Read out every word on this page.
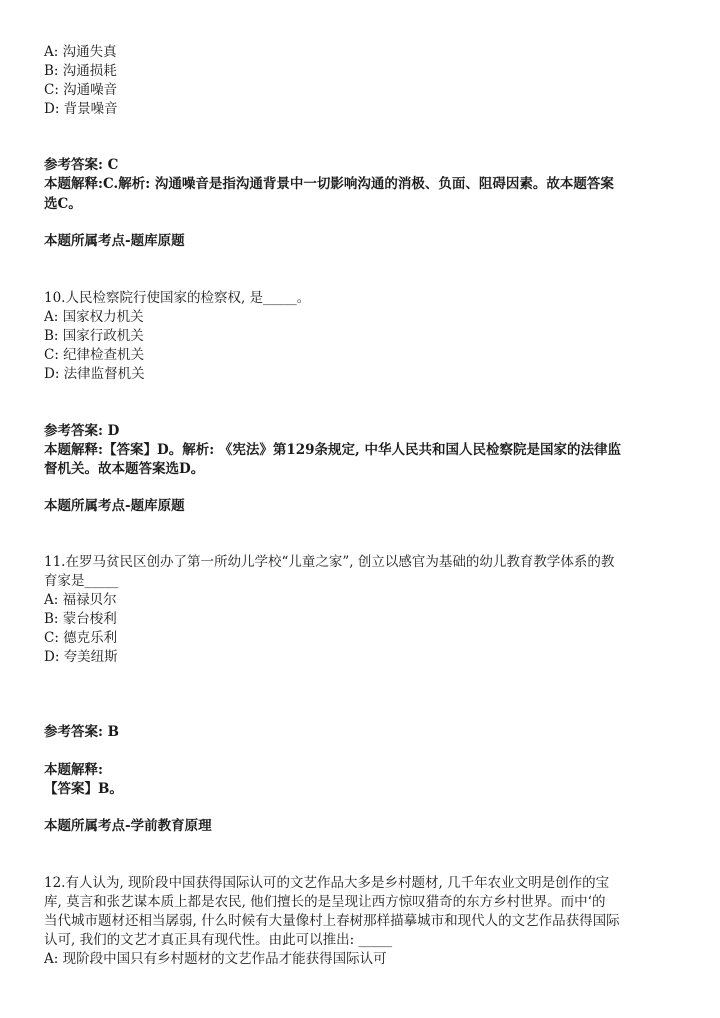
A: 沟通失真
B: 沟通损耗
C: 沟通噪音
D: 背景噪音
参考答案: C
本题解释:C.解析: 沟通噪音是指沟通背景中一切影响沟通的消极、负面、阻碍因素。故本题答案
选C。
本题所属考点-题库原题
10.人民检察院行使国家的检察权, 是_____。
A: 国家权力机关
B: 国家行政机关
C: 纪律检查机关
D: 法律监督机关
参考答案: D
本题解释:【答案】D。解析: 《宪法》第129条规定, 中华人民共和国人民检察院是国家的法律监
督机关。故本题答案选D。
本题所属考点-题库原题
11.在罗马贫民区创办了第一所幼儿学校“儿童之家”, 创立以感官为基础的幼儿教育教学体系的教
育家是_____
A: 福禄贝尔
B: 蒙台梭利
C: 德克乐利
D: 夸美纽斯
参考答案: B
本题解释:
【答案】B。
本题所属考点-学前教育原理
12.有人认为, 现阶段中国获得国际认可的文艺作品大多是乡村题材, 几千年农业文明是创作的宝
库, 莫言和张艺谋本质上都是农民, 他们擅长的是呈现让西方惊叹猎奇的东方乡村世界。而中‘的
当代城市题材还相当孱弱, 什么时候有大量像村上春树那样描摹城市和现代人的文艺作品获得国际
认可, 我们的文艺才真正具有现代性。由此可以推出: _____
A: 现阶段中国只有乡村题材的文艺作品才能获得国际认可
